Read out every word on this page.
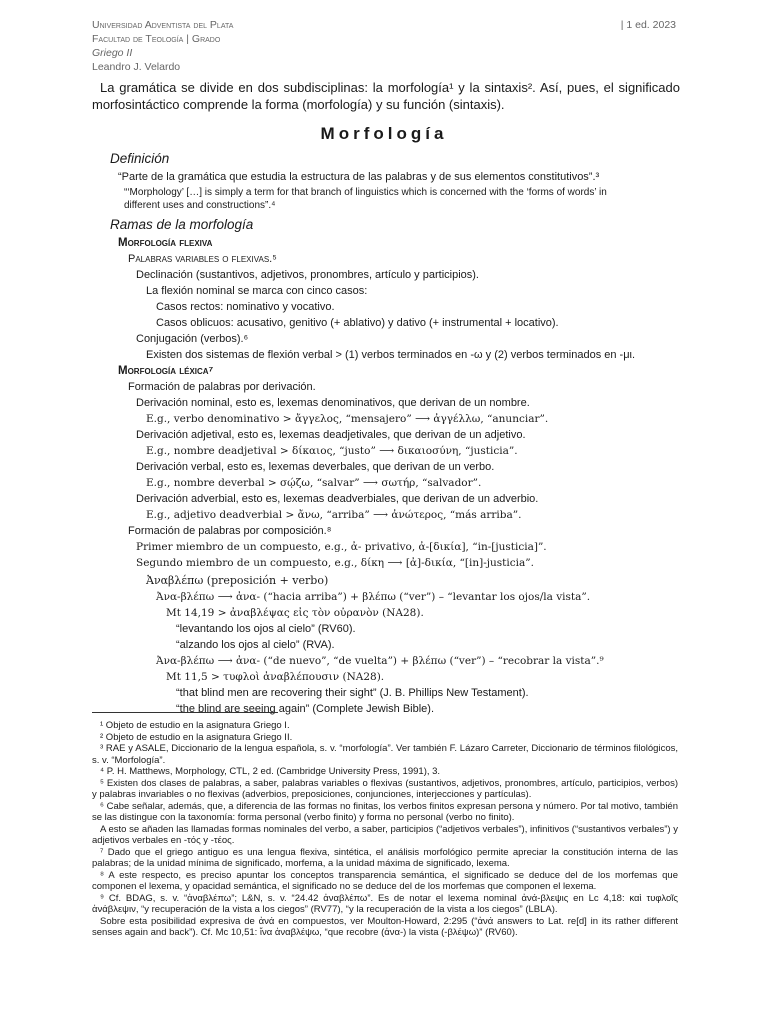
Universidad Adventista del Plata
Facultad de Teología | Grado
Griego II
Leandro J. Velardo
| 1 ed. 2023

La gramática se divide en dos subdisciplinas: la morfología¹ y la sintaxis². Así, pues, el significado morfosintáctico comprende la forma (morfología) y su función (sintaxis).

Morfología
Definición
“Parte de la gramática que estudia la estructura de las palabras y de sus elementos constitutivos”.³
“‘Morphology’ […] is simply a term for that branch of linguistics which is concerned with the ‘forms of words’ in
different uses and constructions”.⁴
Ramas de la morfología
Morfología flexiva
Palabras variables o flexivas.⁵
Declinación (sustantivos, adjetivos, pronombres, artículo y participios).
La flexión nominal se marca con cinco casos:
Casos rectos: nominativo y vocativo.
Casos oblicuos: acusativo, genitivo (+ ablativo) y dativo (+ instrumental + locativo).
Conjugación (verbos).⁶
Existen dos sistemas de flexión verbal > (1) verbos terminados en -ω y (2) verbos terminados en -μι.
Morfología léxica⁷
Formación de palabras por derivación.
Derivación nominal, esto es, lexemas denominativos, que derivan de un nombre.
E.g., verbo denominativo > ἄγγελος, “mensajero” ⟶ ἀγγέλλω, “anunciar”.
Derivación adjetival, esto es, lexemas deadjetivales, que derivan de un adjetivo.
E.g., nombre deadjetival > δίκαιος, “justo” ⟶ δικαιοσύνη, “justicia”.
Derivación verbal, esto es, lexemas deverbales, que derivan de un verbo.
E.g., nombre deverbal > σῴζω, “salvar” ⟶ σωτήρ, “salvador”.
Derivación adverbial, esto es, lexemas deadverbiales, que derivan de un adverbio.
E.g., adjetivo deadverbial > ἄνω, “arriba” ⟶ ἀνώτερος, “más arriba”.
Formación de palabras por composición.⁸
Primer miembro de un compuesto, e.g., ἀ- privativo, ἀ-[δικία], “in-[justicia]”.
Segundo miembro de un compuesto, e.g., δίκη ⟶ [ἀ]-δικία, “[in]-justicia”.
Ἀναβλέπω (preposición + verbo)
Ἀνα-βλέπω ⟶ ἀνα- (“hacia arriba”) + βλέπω (“ver”) – “levantar los ojos/la vista”.
Mt 14,19 > ἀναβλέψας εἰς τὸν οὐρανὸν (NA28).
“levantando los ojos al cielo” (RV60).
“alzando los ojos al cielo” (RVA).
Ἀνα-βλέπω ⟶ ἀνα- (“de nuevo”, “de vuelta”) + βλέπω (“ver”) – “recobrar la vista”.⁹
Mt 11,5 > τυφλοὶ ἀναβλέπουσιν (NA28).
“that blind men are recovering their sight” (J. B. Phillips New Testament).
“the blind are seeing again” (Complete Jewish Bible).

¹ Objeto de estudio en la asignatura Griego I.

² Objeto de estudio en la asignatura Griego II.

³ RAE y ASALE, Diccionario de la lengua española, s. v. “morfología”. Ver también F. Lázaro Carreter, Diccionario de términos filológicos, s. v. “Morfología”.

⁴ P. H. Matthews, Morphology, CTL, 2 ed. (Cambridge University Press, 1991), 3.

⁵ Existen dos clases de palabras, a saber, palabras variables o flexivas (sustantivos, adjetivos, pronombres, artículo, participios, verbos) y palabras invariables o no flexivas (adverbios, preposiciones, conjunciones, interjecciones y partículas).

⁶ Cabe señalar, además, que, a diferencia de las formas no finitas, los verbos finitos expresan persona y número. Por tal motivo, también se las distingue con la taxonomía: forma personal (verbo finito) y forma no personal (verbo no finito).

A esto se añaden las llamadas formas nominales del verbo, a saber, participios (“adjetivos verbales”), infinitivos (“sustantivos verbales”) y adjetivos verbales en -τός y -τέος.

⁷ Dado que el griego antiguo es una lengua flexiva, sintética, el análisis morfológico permite apreciar la constitución interna de las palabras; de la unidad mínima de significado, morfema, a la unidad máxima de significado, lexema.

⁸ A este respecto, es preciso apuntar los conceptos transparencia semántica, el significado se deduce del de los morfemas que componen el lexema, y opacidad semántica, el significado no se deduce del de los morfemas que componen el lexema.

⁹ Cf. BDAG, s. v. “ἀναβλέπω”; L&N, s. v. “24.42 ἀναβλέπω”. Es de notar el lexema nominal ἀνά-βλεψις en Lc 4,18: καὶ τυφλοῖς ἀνάβλεψιν, “y recuperación de la vista a los ciegos” (RV77), “y la recuperación de la vista a los ciegos” (LBLA).

Sobre esta posibilidad expresiva de ἀνά en compuestos, ver Moulton-Howard, 2:295 (“ἀνά answers to Lat. re[d] in its rather different senses again and back”). Cf. Mc 10,51: ἵνα ἀναβλέψω, “que recobre (ἀνα-) la vista (-βλέψω)” (RV60).
